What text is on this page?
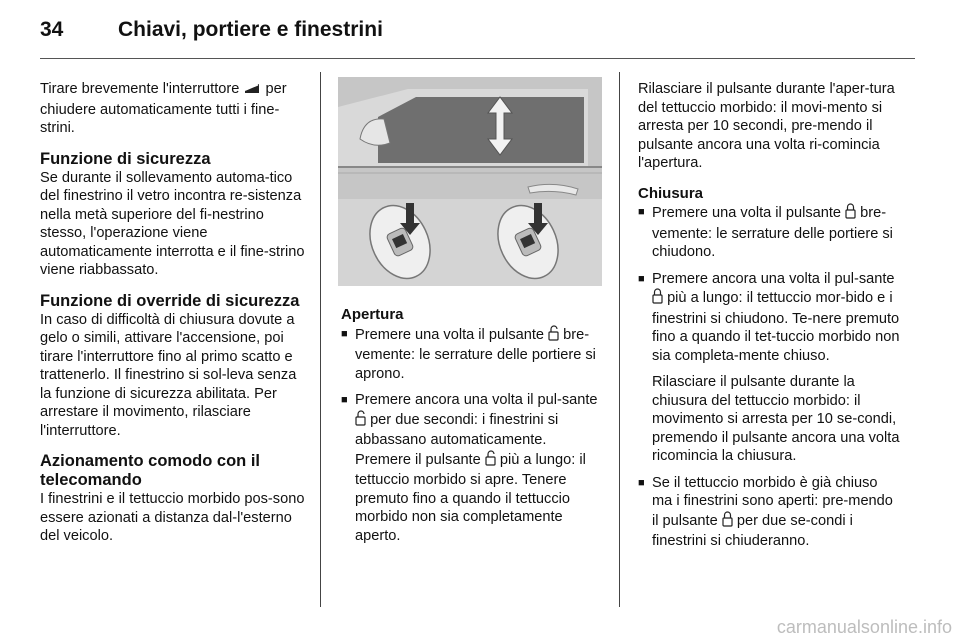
34	Chiavi, portiere e finestrini

Tirare brevemente l'interruttore per chiudere automaticamente tutti i fine-strini.

Funzione di sicurezza

Se durante il sollevamento automa-tico del finestrino il vetro incontra re-sistenza nella metà superiore del fi-nestrino stesso, l'operazione viene automaticamente interrotta e il fine-strino viene riabbassato.

Funzione di override di sicurezza

In caso di difficoltà di chiusura dovute a gelo o simili, attivare l'accensione, poi tirare l'interruttore fino al primo scatto e trattenerlo. Il finestrino si sol-leva senza la funzione di sicurezza abilitata. Per arrestare il movimento, rilasciare l'interruttore.

Azionamento comodo con il telecomando

I finestrini e il tettuccio morbido pos-sono essere azionati a distanza dal-l'esterno del veicolo.

Apertura
■ Premere una volta il pulsante bre-vemente: le serrature delle portiere si aprono.
■ Premere ancora una volta il pul-sante  per due secondi: i finestrini si abbassano automaticamente. Premere il pulsante più a lungo: il tettuccio morbido si apre. Tenere premuto fino a quando il tettuccio morbido non sia completamente aperto.

Rilasciare il pulsante durante l'aper-tura del tettuccio morbido: il movi-mento si arresta per 10 secondi, pre-mendo il pulsante ancora una volta ri-comincia l'apertura.

Chiusura
■ Premere una volta il pulsante bre-vemente: le serrature delle portiere si chiudono.
■ Premere ancora una volta il pul-sante  più a lungo: il tettuccio mor-bido e i finestrini si chiudono. Te-nere premuto fino a quando il tet-tuccio morbido non sia completa-mente chiuso.
Rilasciare il pulsante durante la chiusura del tettuccio morbido: il movimento si arresta per 10 se-condi, premendo il pulsante ancora una volta ricomincia la chiusura.
■ Se il tettuccio morbido è già chiuso ma i finestrini sono aperti: pre-mendo il pulsante per due se-condi i finestrini si chiuderanno.
carmanualsonline.info
